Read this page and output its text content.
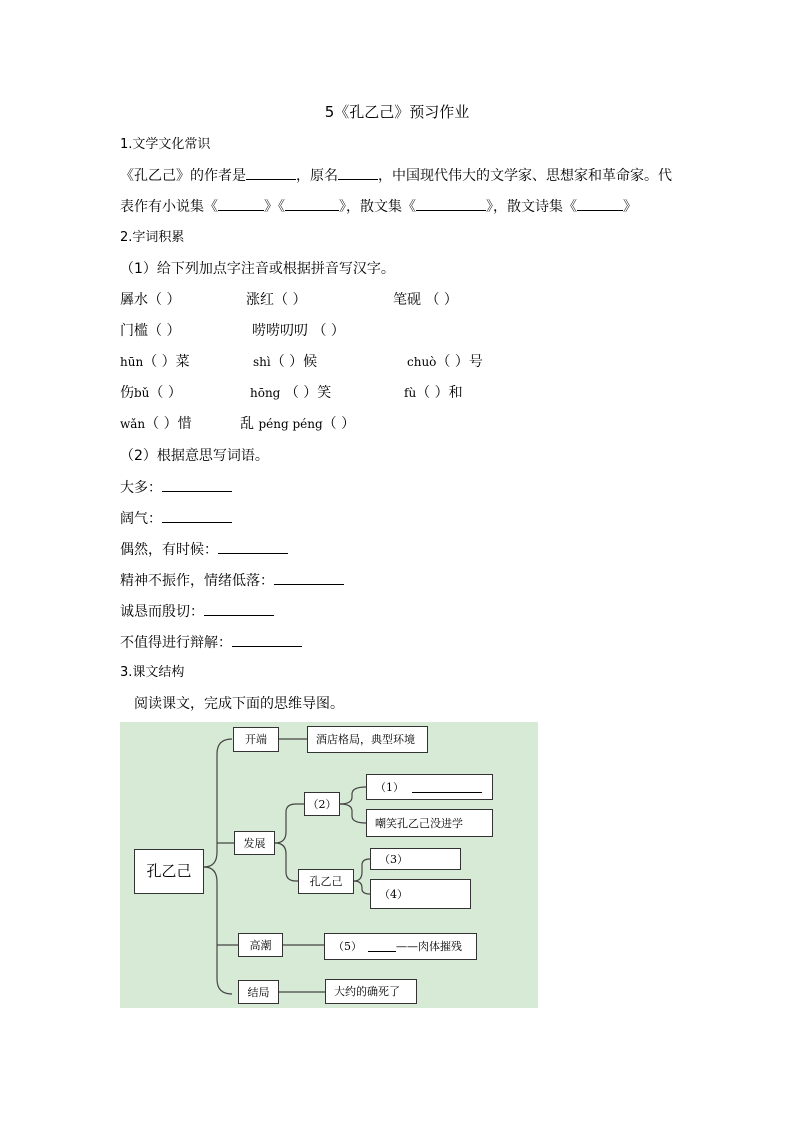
5《孔乙己》预习作业
1.文学文化常识
《孔乙己》的作者是	，原名	，中国现代伟大的文学家、思想家和革命家。代
表作有小说集《	》《	》，散文集《	》，散文诗集《	》
2.字词积累
（1）给下列加点字注音或根据拼音写汉字。
羼水（ ）	涨红（ ）	笔砚 （ ）
门槛（ ）	唠唠叨叨 （ ）
hūn（ ）菜	shì（ ）候	chuò（ ）号
伤bǔ（ ）	hōng （ ）笑	fù（ ）和
wǎn（ ）惜	乱 péng péng（ ）
（2）根据意思写词语。
大多：
阔气：
偶然，有时候：
精神不振作，情绪低落：
诚恳而殷切：
不值得进行辩解：
3.课文结构
阅读课文，完成下面的思维导图。
孔乙己
开端	酒店格局，典型环境
发展
（2）
（1）
嘲笑孔乙己没进学
孔乙己
（3）
（4）
高潮	（5）	——肉体摧残
结局	大约的确死了
